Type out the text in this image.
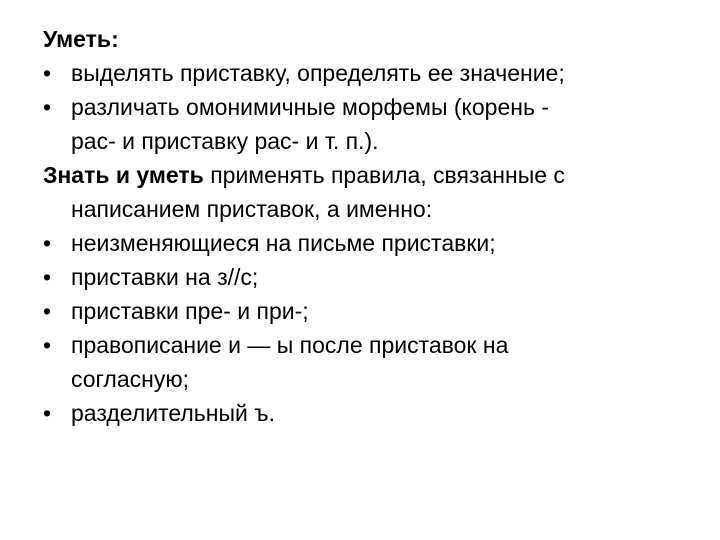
Уметь:
• выделять приставку, определять ее значение;
• различать омонимичные морфемы (корень -
рас- и приставку рас- и т. п.).
Знать и уметь применять правила, связанные с
написанием приставок, а именно:
• неизменяющиеся на письме приставки;
• приставки на з//с;
• приставки пре- и при-;
• правописание и — ы после приставок на
согласную;
• разделительный ъ.
